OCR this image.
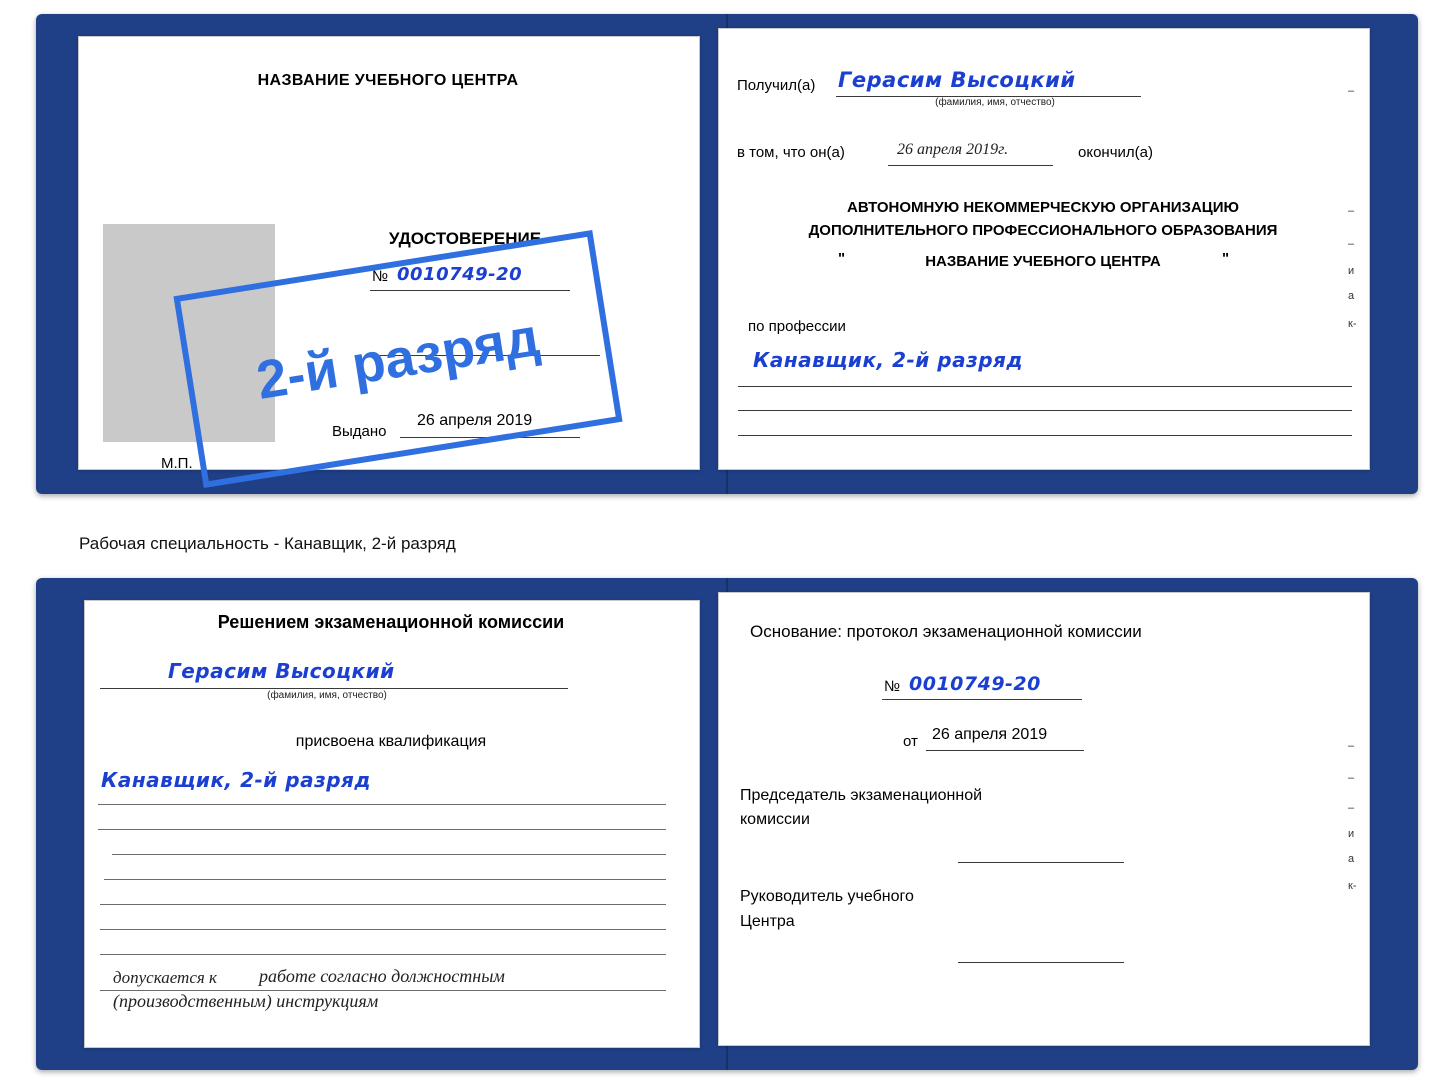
НАЗВАНИЕ УЧЕБНОГО ЦЕНТРА
УДОСТОВЕРЕНИЕ
№ 0010749-20
Выдано
26 апреля 2019
М.П.
Получил(а) Герасим Высоцкий
(фамилия, имя, отчество)
в том, что он(а)	26 апреля 2019г.	окончил(а)
АВТОНОМНУЮ НЕКОММЕРЧЕСКУЮ ОРГАНИЗАЦИЮ
ДОПОЛНИТЕЛЬНОГО ПРОФЕССИОНАЛЬНОГО ОБРАЗОВАНИЯ
"	НАЗВАНИЕ УЧЕБНОГО ЦЕНТРА	"
по профессии
Канавщик, 2-й разряд
–
–
–
и
а
к-
2-й разряд
Рабочая специальность - Канавщик, 2-й разряд
Решением экзаменационной комиссии
Герасим Высоцкий
(фамилия, имя, отчество)
присвоена квалификация
Канавщик, 2-й разряд
допускается к работе согласно должностным
(производственным) инструкциям
Основание: протокол экзаменационной комиссии
№ 0010749-20
от 26 апреля 2019
Председатель экзаменационной
комиссии
Руководитель учебного
Центра
–
–
–
и
а
к-
